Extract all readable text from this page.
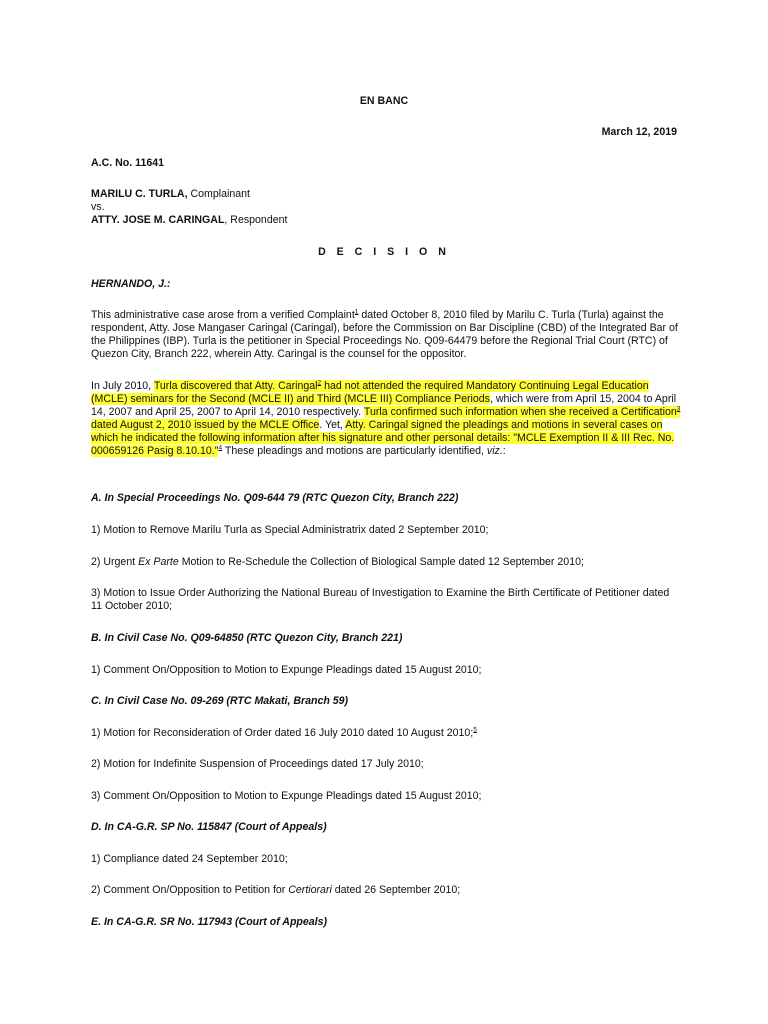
EN BANC
March 12, 2019
A.C. No. 11641
MARILU C. TURLA, Complainant
vs.
ATTY. JOSE M. CARINGAL, Respondent
D E C I S I O N
HERNANDO, J.:
This administrative case arose from a verified Complaint$^1$ dated October 8, 2010 filed by Marilu C. Turla (Turla) against the respondent, Atty. Jose Mangaser Caringal (Caringal), before the Commission on Bar Discipline (CBD) of the Integrated Bar of the Philippines (IBP). Turla is the petitioner in Special Proceedings No. Q09-64479 before the Regional Trial Court (RTC) of Quezon City, Branch 222, wherein Atty. Caringal is the counsel for the oppositor.
In July 2010, Turla discovered that Atty. Caringal$^2$ had not attended the required Mandatory Continuing Legal Education (MCLE) seminars for the Second (MCLE II) and Third (MCLE III) Compliance Periods, which were from April 15, 2004 to April 14, 2007 and April 25, 2007 to April 14, 2010 respectively. Turla confirmed such information when she received a Certification$^3$ dated August 2, 2010 issued by the MCLE Office. Yet, Atty. Caringal signed the pleadings and motions in several cases on which he indicated the following information after his signature and other personal details: "MCLE Exemption II & III Rec. No. 000659126 Pasig 8.10.10."$^4$ These pleadings and motions are particularly identified, viz.:
A. In Special Proceedings No. Q09-644 79 (RTC Quezon City, Branch 222)
1) Motion to Remove Marilu Turla as Special Administratrix dated 2 September 2010;
2) Urgent Ex Parte Motion to Re-Schedule the Collection of Biological Sample dated 12 September 2010;
3) Motion to Issue Order Authorizing the National Bureau of Investigation to Examine the Birth Certificate of Petitioner dated 11 October 2010;
B. In Civil Case No. Q09-64850 (RTC Quezon City, Branch 221)
1) Comment On/Opposition to Motion to Expunge Pleadings dated 15 August 2010;
C. In Civil Case No. 09-269 (RTC Makati, Branch 59)
1) Motion for Reconsideration of Order dated 16 July 2010 dated 10 August 2010;$^5$
2) Motion for Indefinite Suspension of Proceedings dated 17 July 2010;
3) Comment On/Opposition to Motion to Expunge Pleadings dated 15 August 2010;
D. In CA-G.R. SP No. 115847 (Court of Appeals)
1) Compliance dated 24 September 2010;
2) Comment On/Opposition to Petition for Certiorari dated 26 September 2010;
E. In CA-G.R. SR No. 117943 (Court of Appeals)
